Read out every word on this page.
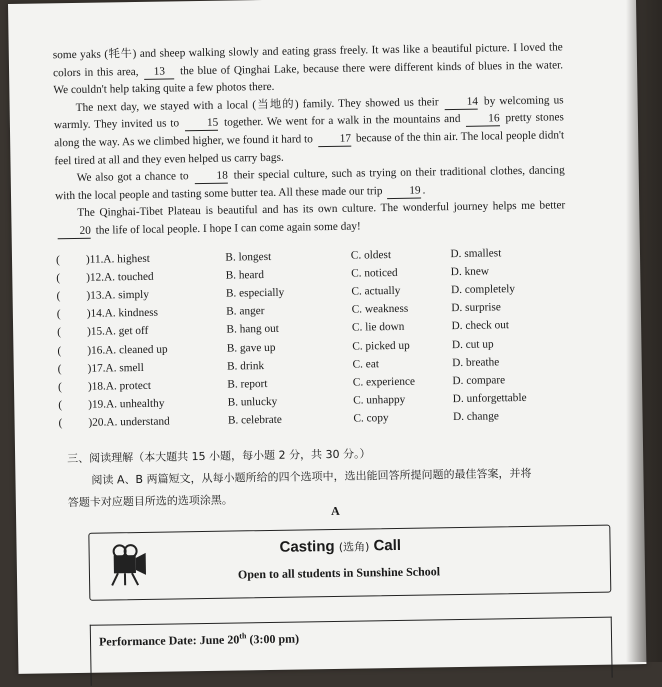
some yaks (牦牛) and sheep walking slowly and eating grass freely. It was like a beautiful picture. I loved the colors in this area, 13 the blue of Qinghai Lake, because there were different kinds of blues in the water. We couldn't help taking quite a few photos there.

The next day, we stayed with a local (当地的) family. They showed us their 14 by welcoming us warmly. They invited us to 15 together. We went for a walk in the mountains and 16 pretty stones along the way. As we climbed higher, we found it hard to 17 because of the thin air. The local people didn't feel tired at all and they even helped us carry bags.

We also got a chance to 18 their special culture, such as trying on their traditional clothes, dancing with the local people and tasting some butter tea. All these made our trip 19 .

The Qinghai-Tibet Plateau is beautiful and has its own culture. The wonderful journey helps me better 20 the life of local people. I hope I can come again some day!

(	)11.A. highest	B. longest	C. oldest	D. smallest
(	)12.A. touched	B. heard	C. noticed	D. knew
(	)13.A. simply	B. especially	C. actually	D. completely
(	)14.A. kindness	B. anger	C. weakness	D. surprise
(	)15.A. get off	B. hang out	C. lie down	D. check out
(	)16.A. cleaned up	B. gave up	C. picked up	D. cut up
(	)17.A. smell	B. drink	C. eat	D. breathe
(	)18.A. protect	B. report	C. experience	D. compare
(	)19.A. unhealthy	B. unlucky	C. unhappy	D. unforgettable
(	)20.A. understand	B. celebrate	C. copy	D. change
三、阅读理解（本大题共 15 小题，每小题 2 分，共 30 分。）
阅读 A、B 两篇短文，从每小题所给的四个选项中，选出能回答所提问题的最佳答案，并将
答题卡对应题目所选的选项涂黑。
A
Casting (选角) Call
Open to all students in Sunshine School
Performance Date: June 20th (3:00 pm)
